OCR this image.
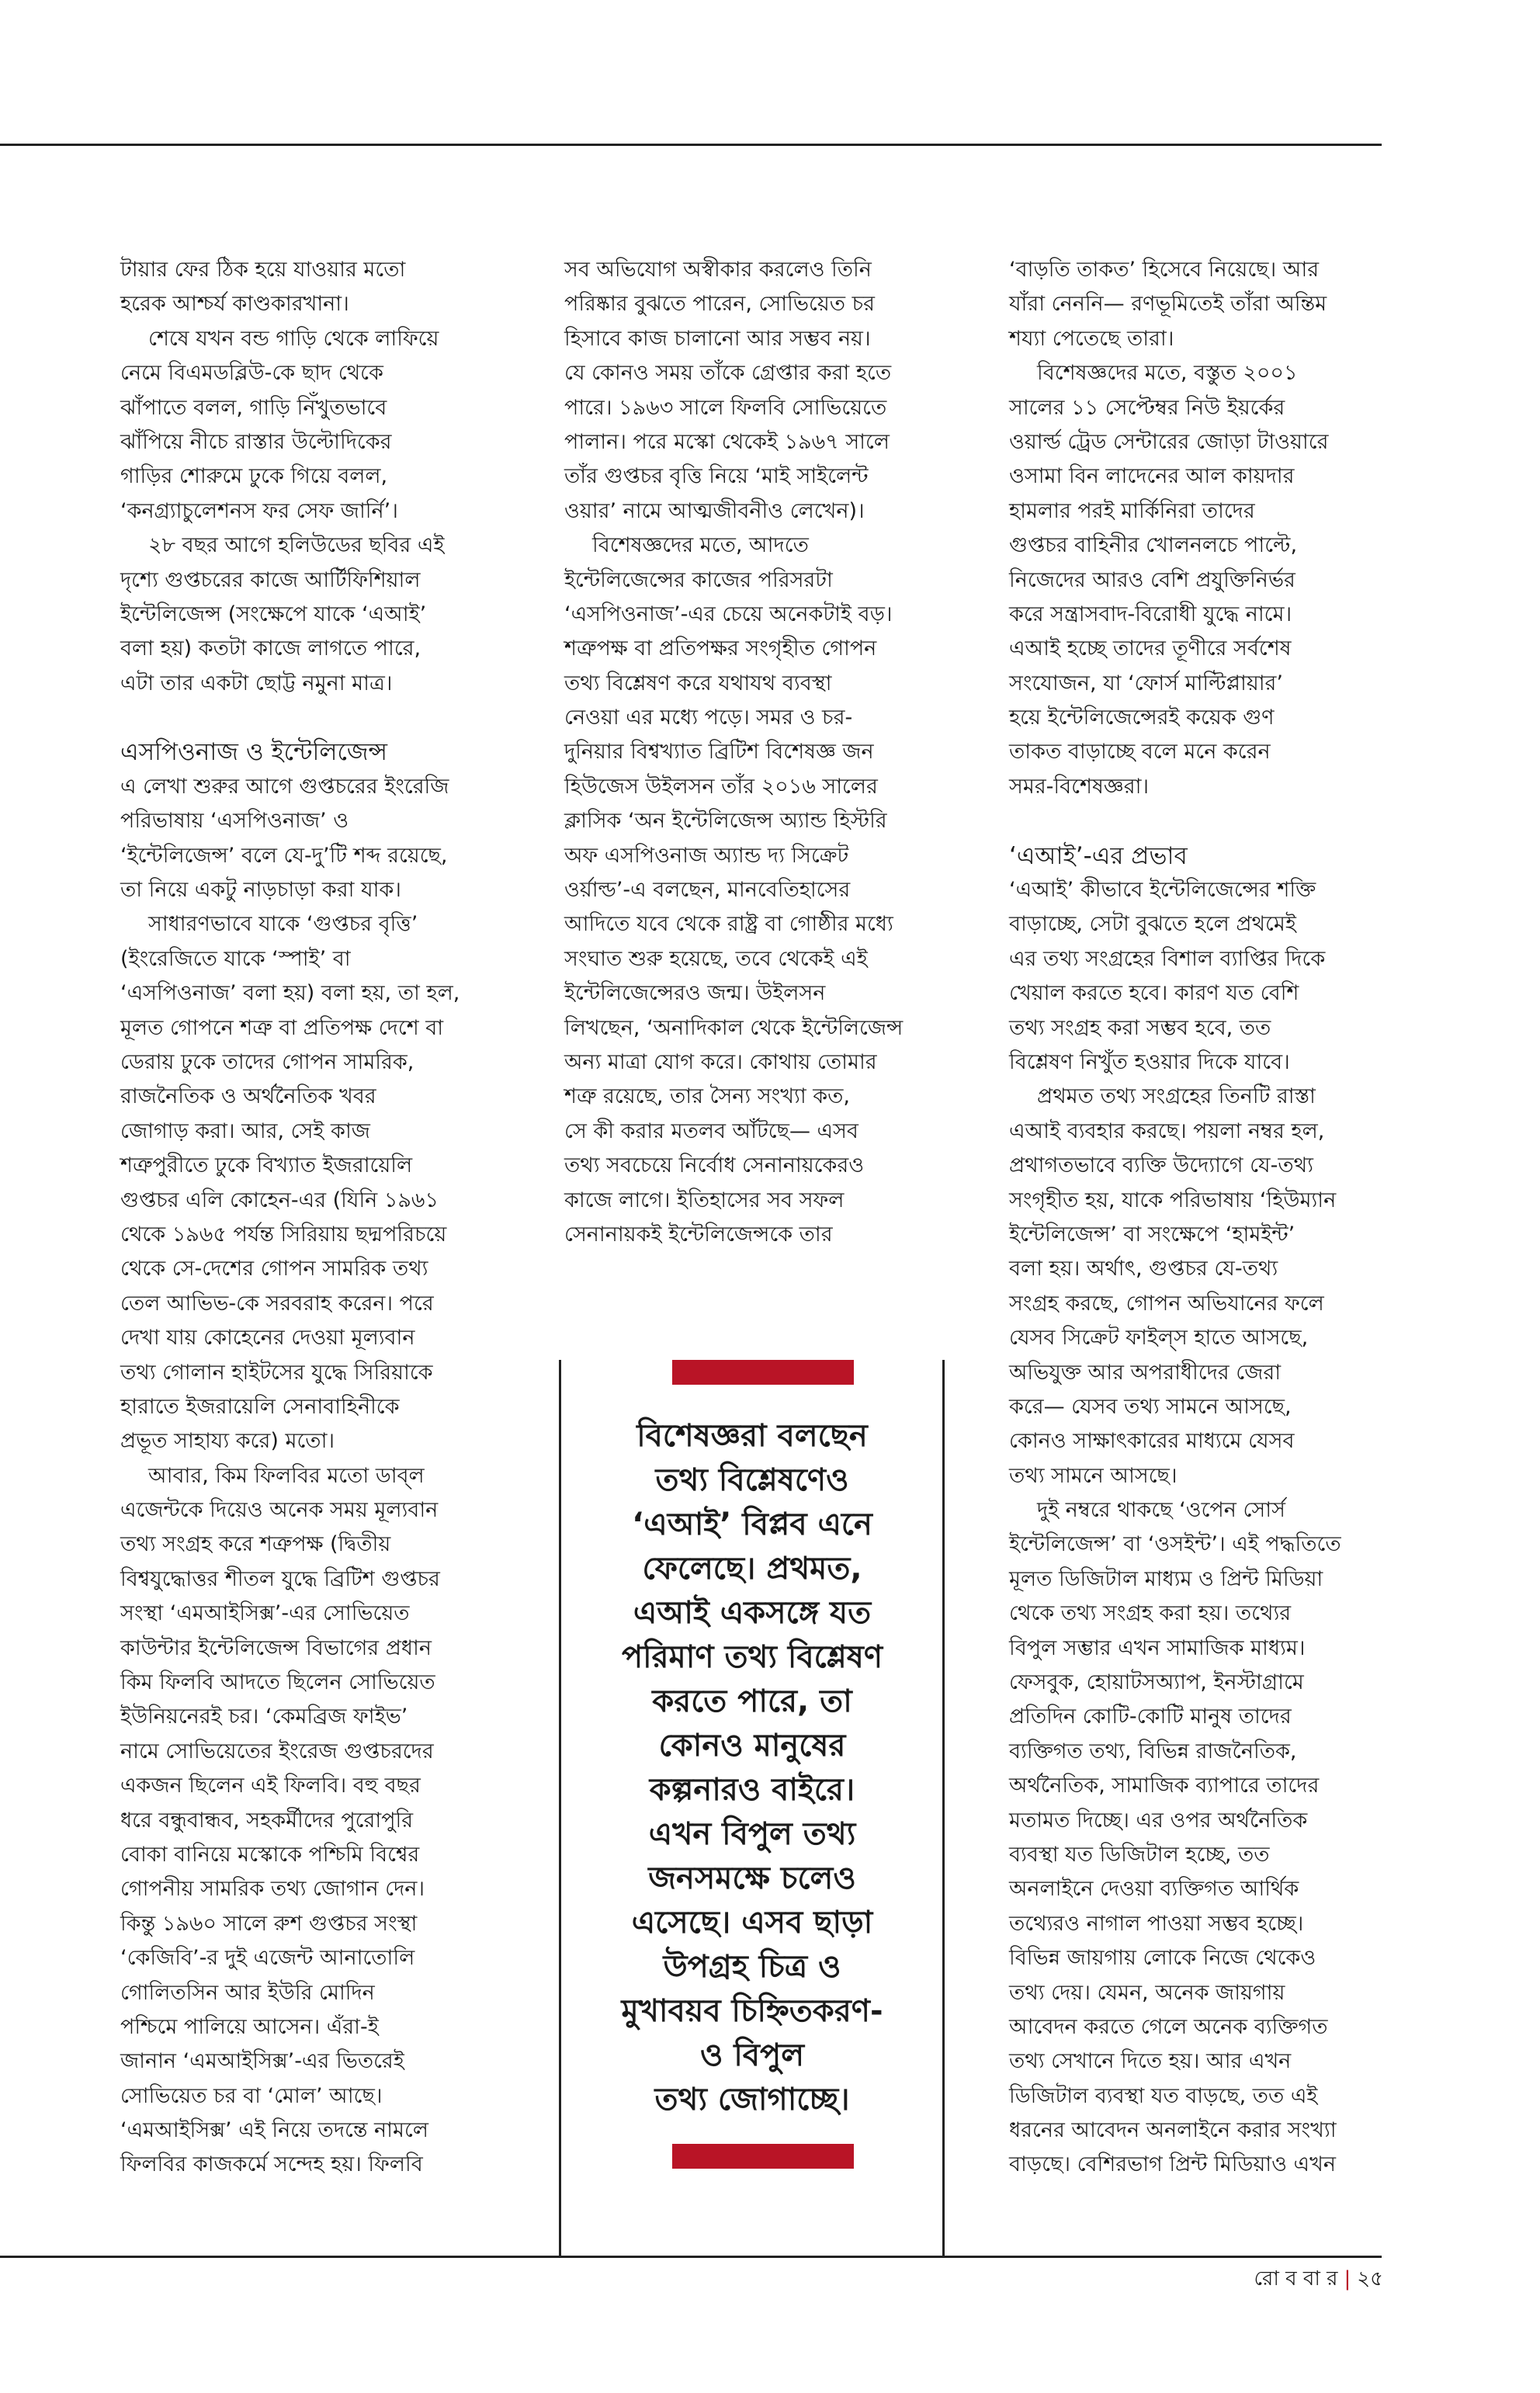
টায়ার ফের ঠিক হয়ে যাওয়ার মতো
হরেক আশ্চর্য কাণ্ডকারখানা।
শেষে যখন বন্ড গাড়ি থেকে লাফিয়ে
নেমে বিএমডব্লিউ-কে ছাদ থেকে
ঝাঁপাতে বলল, গাড়ি নিঁখুতভাবে
ঝাঁপিয়ে নীচে রাস্তার উল্টোদিকের
গাড়ির শোরুমে ঢুকে গিয়ে বলল,
‘কনগ্র্যাচুলেশনস ফর সেফ জার্নি’।
২৮ বছর আগে হলিউডের ছবির এই
দৃশ্যে গুপ্তচরের কাজে আর্টিফিশিয়াল
ইন্টেলিজেন্স (সংক্ষেপে যাকে ‘এআই’
বলা হয়) কতটা কাজে লাগতে পারে,
এটা তার একটা ছোট্ট নমুনা মাত্র।
এসপিওনাজ ও ইন্টেলিজেন্স
এ লেখা শুরুর আগে গুপ্তচরের ইংরেজি
পরিভাষায় ‘এসপিওনাজ’ ও
‘ইন্টেলিজেন্স’ বলে যে-দু’টি শব্দ রয়েছে,
তা নিয়ে একটু নাড়চাড়া করা যাক।
সাধারণভাবে যাকে ‘গুপ্তচর বৃত্তি’
(ইংরেজিতে যাকে ‘স্পাই’ বা
‘এসপিওনাজ’ বলা হয়) বলা হয়, তা হল,
মূলত গোপনে শত্রু বা প্রতিপক্ষ দেশে বা
ডেরায় ঢুকে তাদের গোপন সামরিক,
রাজনৈতিক ও অর্থনৈতিক খবর
জোগাড় করা। আর, সেই কাজ
শত্রুপুরীতে ঢুকে বিখ্যাত ইজরায়েলি
গুপ্তচর এলি কোহেন-এর (যিনি ১৯৬১
থেকে ১৯৬৫ পর্যন্ত সিরিয়ায় ছদ্মপরিচয়ে
থেকে সে-দেশের গোপন সামরিক তথ্য
তেল আভিভ-কে সরবরাহ করেন। পরে
দেখা যায় কোহেনের দেওয়া মূল্যবান
তথ্য গোলান হাইটসের যুদ্ধে সিরিয়াকে
হারাতে ইজরায়েলি সেনাবাহিনীকে
প্রভূত সাহায্য করে) মতো।
আবার, কিম ফিলবির মতো ডাব্‌ল
এজেন্টকে দিয়েও অনেক সময় মূল্যবান
তথ্য সংগ্রহ করে শত্রুপক্ষ (দ্বিতীয়
বিশ্বযুদ্ধোত্তর শীতল যুদ্ধে ব্রিটিশ গুপ্তচর
সংস্থা ‘এমআইসিক্স’-এর সোভিয়েত
কাউন্টার ইন্টেলিজেন্স বিভাগের প্রধান
কিম ফিলবি আদতে ছিলেন সোভিয়েত
ইউনিয়নেরই চর। ‘কেমব্রিজ ফাইভ’
নামে সোভিয়েতের ইংরেজ গুপ্তচরদের
একজন ছিলেন এই ফিলবি। বহু বছর
ধরে বন্ধুবান্ধব, সহকর্মীদের পুরোপুরি
বোকা বানিয়ে মস্কোকে পশ্চিমি বিশ্বের
গোপনীয় সামরিক তথ্য জোগান দেন।
কিন্তু ১৯৬০ সালে রুশ গুপ্তচর সংস্থা
‘কেজিবি’-র দুই এজেন্ট আনাতোলি
গোলিতসিন আর ইউরি মোদিন
পশ্চিমে পালিয়ে আসেন। এঁরা-ই
জানান ‘এমআইসিক্স’-এর ভিতরেই
সোভিয়েত চর বা ‘মোল’ আছে।
‘এমআইসিক্স’ এই নিয়ে তদন্তে নামলে
ফিলবির কাজকর্মে সন্দেহ হয়। ফিলবি
সব অভিযোগ অস্বীকার করলেও তিনি
পরিষ্কার বুঝতে পারেন, সোভিয়েত চর
হিসাবে কাজ চালানো আর সম্ভব নয়।
যে কোনও সময় তাঁকে গ্রেপ্তার করা হতে
পারে। ১৯৬৩ সালে ফিলবি সোভিয়েতে
পালান। পরে মস্কো থেকেই ১৯৬৭ সালে
তাঁর গুপ্তচর বৃত্তি নিয়ে ‘মাই সাইলেন্ট
ওয়ার’ নামে আত্মজীবনীও লেখেন)।
বিশেষজ্ঞদের মতে, আদতে
ইন্টেলিজেন্সের কাজের পরিসরটা
‘এসপিওনাজ’-এর চেয়ে অনেকটাই বড়।
শত্রুপক্ষ বা প্রতিপক্ষর সংগৃহীত গোপন
তথ্য বিশ্লেষণ করে যথাযথ ব্যবস্থা
নেওয়া এর মধ্যে পড়ে। সমর ও চর-
দুনিয়ার বিশ্বখ্যাত ব্রিটিশ বিশেষজ্ঞ জন
হিউজেস উইলসন তাঁর ২০১৬ সালের
ক্লাসিক ‘অন ইন্টেলিজেন্স অ্যান্ড হিস্টরি
অফ এসপিওনাজ অ্যান্ড দ্য সিক্রেট
ওর্য়াল্ড’-এ বলছেন, মানবেতিহাসের
আদিতে যবে থেকে রাষ্ট্র বা গোষ্ঠীর মধ্যে
সংঘাত শুরু হয়েছে, তবে থেকেই এই
ইন্টেলিজেন্সেরও জন্ম। উইলসন
লিখছেন, ‘অনাদিকাল থেকে ইন্টেলিজেন্স
অন্য মাত্রা যোগ করে। কোথায় তোমার
শত্রু রয়েছে, তার সৈন্য সংখ্যা কত,
সে কী করার মতলব আঁটছে— এসব
তথ্য সবচেয়ে নির্বোধ সেনানায়কেরও
কাজে লাগে। ইতিহাসের সব সফল
সেনানায়কই ইন্টেলিজেন্সকে তার
‘বাড়তি তাকত’ হিসেবে নিয়েছে। আর
যাঁরা নেননি— রণভূমিতেই তাঁরা অন্তিম
শয্যা পেতেছে তারা।
বিশেষজ্ঞদের মতে, বস্তুত ২০০১
সালের ১১ সেপ্টেম্বর নিউ ইয়র্কের
ওয়ার্ল্ড ট্রেড সেন্টারের জোড়া টাওয়ারে
ওসামা বিন লাদেনের আল কায়দার
হামলার পরই মার্কিনিরা তাদের
গুপ্তচর বাহিনীর খোলনলচে পাল্টে,
নিজেদের আরও বেশি প্রযুক্তিনির্ভর
করে সন্ত্রাসবাদ-বিরোধী যুদ্ধে নামে।
এআই হচ্ছে তাদের তূণীরে সর্বশেষ
সংযোজন, যা ‘ফোর্স মাল্টিপ্লায়ার’
হয়ে ইন্টেলিজেন্সেরই কয়েক গুণ
তাকত বাড়াচ্ছে বলে মনে করেন
সমর-বিশেষজ্ঞরা।
‘এআই’-এর প্রভাব
‘এআই’ কীভাবে ইন্টেলিজেন্সের শক্তি
বাড়াচ্ছে, সেটা বুঝতে হলে প্রথমেই
এর তথ্য সংগ্রহের বিশাল ব্যাপ্তির দিকে
খেয়াল করতে হবে। কারণ যত বেশি
তথ্য সংগ্রহ করা সম্ভব হবে, তত
বিশ্লেষণ নিখুঁত হওয়ার দিকে যাবে।
প্রথমত তথ্য সংগ্রহের তিনটি রাস্তা
এআই ব্যবহার করছে। পয়লা নম্বর হল,
প্রথাগতভাবে ব্যক্তি উদ্যোগে যে-তথ্য
সংগৃহীত হয়, যাকে পরিভাষায় ‘হিউম্যান
ইন্টেলিজেন্স’ বা সংক্ষেপে ‘হামইন্ট’
বলা হয়। অর্থাৎ, গুপ্তচর যে-তথ্য
সংগ্রহ করছে, গোপন অভিযানের ফলে
যেসব সিক্রেট ফাইল্‌স হাতে আসছে,
অভিযুক্ত আর অপরাধীদের জেরা
করে— যেসব তথ্য সামনে আসছে,
কোনও সাক্ষাৎকারের মাধ্যমে যেসব
তথ্য সামনে আসছে।
দুই নম্বরে থাকছে ‘ওপেন সোর্স
ইন্টেলিজেন্স’ বা ‘ওসইন্ট’। এই পদ্ধতিতে
মূলত ডিজিটাল মাধ্যম ও প্রিন্ট মিডিয়া
থেকে তথ্য সংগ্রহ করা হয়। তথ্যের
বিপুল সম্ভার এখন সামাজিক মাধ্যম।
ফেসবুক, হোয়াটসঅ্যাপ, ইনস্টাগ্রামে
প্রতিদিন কোটি-কোটি মানুষ তাদের
ব্যক্তিগত তথ্য, বিভিন্ন রাজনৈতিক,
অর্থনৈতিক, সামাজিক ব্যাপারে তাদের
মতামত দিচ্ছে। এর ওপর অর্থনৈতিক
ব্যবস্থা যত ডিজিটাল হচ্ছে, তত
অনলাইনে দেওয়া ব্যক্তিগত আর্থিক
তথ্যেরও নাগাল পাওয়া সম্ভব হচ্ছে।
বিভিন্ন জায়গায় লোকে নিজে থেকেও
তথ্য দেয়। যেমন, অনেক জায়গায়
আবেদন করতে গেলে অনেক ব্যক্তিগত
তথ্য সেখানে দিতে হয়। আর এখন
ডিজিটাল ব্যবস্থা যত বাড়ছে, তত এই
ধরনের আবেদন অনলাইনে করার সংখ্যা
বাড়ছে। বেশিরভাগ প্রিন্ট মিডিয়াও এখন
বিশেষজ্ঞরা বলছেন
তথ্য বিশ্লেষণেও
‘এআই’ বিপ্লব এনে
ফেলেছে। প্রথমত,
এআই একসঙ্গে যত
পরিমাণ তথ্য বিশ্লেষণ
করতে পারে, তা
কোনও মানুষের
কল্পনারও বাইরে।
এখন বিপুল তথ্য
জনসমক্ষে চলেও
এসেছে। এসব ছাড়া
উপগ্রহ চিত্র ও
মুখাবয়ব চিহ্নিতকরণ-
ও বিপুল
তথ্য জোগাচ্ছে।
রো ব বা র | ২৫
